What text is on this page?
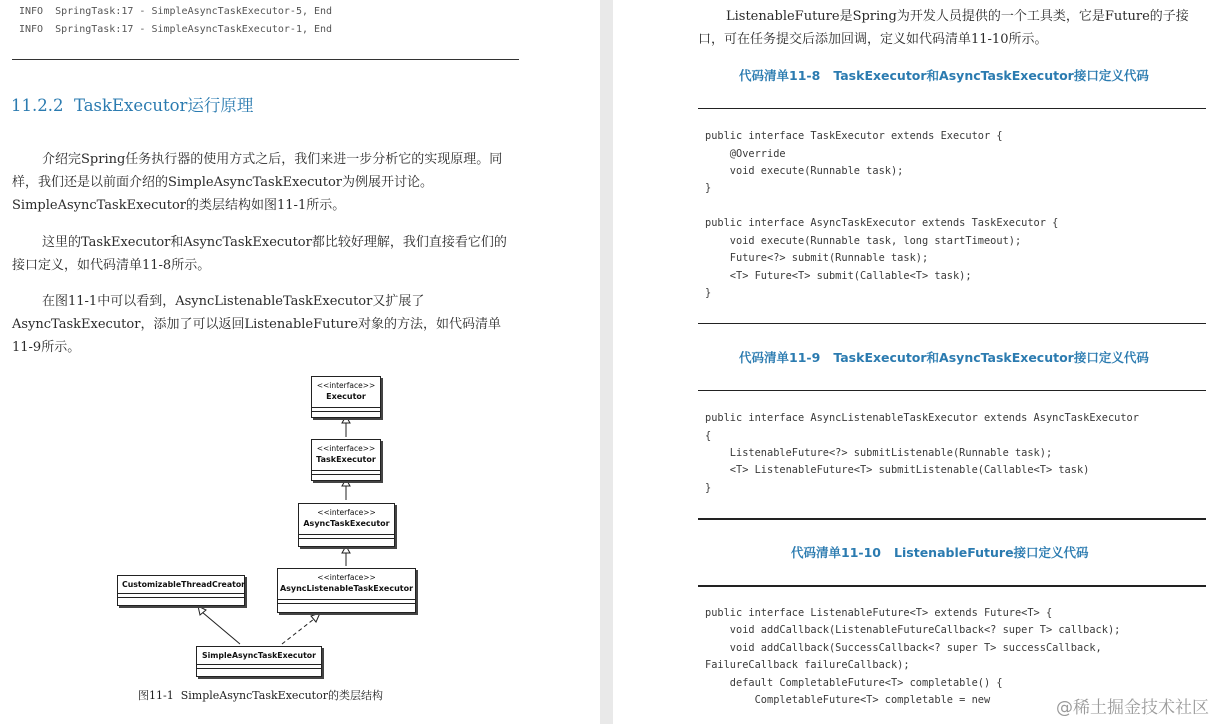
INFO  SpringTask:17 - SimpleAsyncTaskExecutor-5, End
INFO  SpringTask:17 - SimpleAsyncTaskExecutor-1, End
11.2.2  TaskExecutor运行原理
介绍完Spring任务执行器的使用方式之后，我们来进一步分析它的实现原理。同样，我们还是以前面介绍的SimpleAsyncTaskExecutor为例展开讨论。SimpleAsyncTaskExecutor的类层结构如图11-1所示。
这里的TaskExecutor和AsyncTaskExecutor都比较好理解，我们直接看它们的接口定义，如代码清单11-8所示。
在图11-1中可以看到，AsyncListenableTaskExecutor又扩展了AsyncTaskExecutor，添加了可以返回ListenableFuture对象的方法，如代码清单11-9所示。
<<interface>>
Executor
<<interface>>
TaskExecutor
<<interface>>
AsyncTaskExecutor
<<interface>>
AsyncListenableTaskExecutor
CustomizableThreadCreator
SimpleAsyncTaskExecutor
图11-1  SimpleAsyncTaskExecutor的类层结构
ListenableFuture是Spring为开发人员提供的一个工具类，它是Future的子接口，可在任务提交后添加回调，定义如代码清单11-10所示。
代码清单11-8   TaskExecutor和AsyncTaskExecutor接口定义代码
public interface TaskExecutor extends Executor {
@Override
void execute(Runnable task);
}
public interface AsyncTaskExecutor extends TaskExecutor {
void execute(Runnable task, long startTimeout);
Future<?> submit(Runnable task);
<T> Future<T> submit(Callable<T> task);
}
代码清单11-9   TaskExecutor和AsyncTaskExecutor接口定义代码
public interface AsyncListenableTaskExecutor extends AsyncTaskExecutor
{
ListenableFuture<?> submitListenable(Runnable task);
<T> ListenableFuture<T> submitListenable(Callable<T> task)
}
代码清单11-10   ListenableFuture接口定义代码
public interface ListenableFuture<T> extends Future<T> {
void addCallback(ListenableFutureCallback<? super T> callback);
void addCallback(SuccessCallback<? super T> successCallback,
FailureCallback failureCallback);
default CompletableFuture<T> completable() {
CompletableFuture<T> completable = new	@稀土掘金技术社区
